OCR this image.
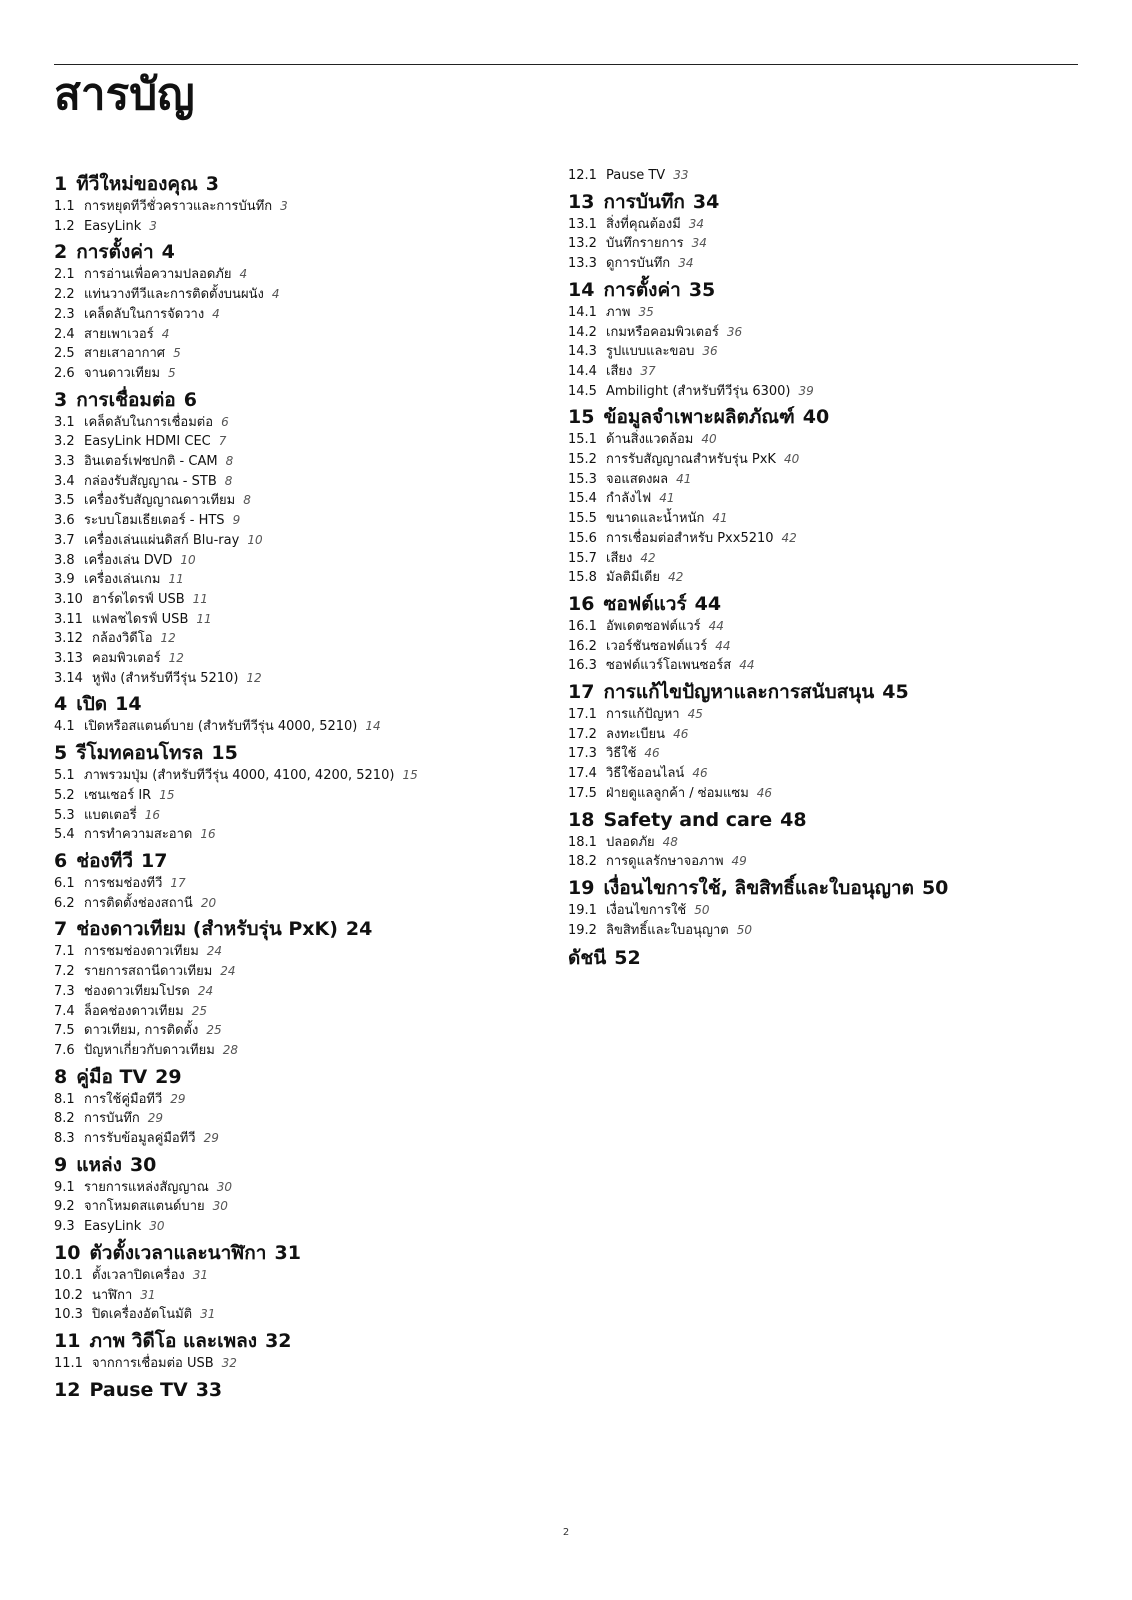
สารบัญ
1 ทีวีใหม่ของคุณ 3
1.1 การหยุดทีวีชั่วคราวและการบันทึก 3
1.2 EasyLink 3
2 การตั้งค่า 4
2.1 การอ่านเพื่อความปลอดภัย 4
2.2 แท่นวางทีวีและการติดตั้งบนผนัง 4
2.3 เคล็ดลับในการจัดวาง 4
2.4 สายเพาเวอร์ 4
2.5 สายเสาอากาศ 5
2.6 จานดาวเทียม 5
3 การเชื่อมต่อ 6
3.1 เคล็ดลับในการเชื่อมต่อ 6
3.2 EasyLink HDMI CEC 7
3.3 อินเตอร์เฟซปกติ - CAM 8
3.4 กล่องรับสัญญาณ - STB 8
3.5 เครื่องรับสัญญาณดาวเทียม 8
3.6 ระบบโฮมเธียเตอร์ - HTS 9
3.7 เครื่องเล่นแผ่นดิสก์ Blu-ray 10
3.8 เครื่องเล่น DVD 10
3.9 เครื่องเล่นเกม 11
3.10 ฮาร์ดไดรฟ์ USB 11
3.11 แฟลชไดรฟ์ USB 11
3.12 กล้องวิดีโอ 12
3.13 คอมพิวเตอร์ 12
3.14 หูฟัง (สำหรับทีวีรุ่น 5210) 12
4 เปิด 14
4.1 เปิดหรือสแตนด์บาย (สำหรับทีวีรุ่น 4000, 5210) 14
5 รีโมทคอนโทรล 15
5.1 ภาพรวมปุ่ม (สำหรับทีวีรุ่น 4000, 4100, 4200, 5210) 15
5.2 เซนเซอร์ IR 15
5.3 แบตเตอรี่ 16
5.4 การทำความสะอาด 16
6 ช่องทีวี 17
6.1 การชมช่องทีวี 17
6.2 การติดตั้งช่องสถานี 20
7 ช่องดาวเทียม (สำหรับรุ่น PxK) 24
7.1 การชมช่องดาวเทียม 24
7.2 รายการสถานีดาวเทียม 24
7.3 ช่องดาวเทียมโปรด 24
7.4 ล็อคช่องดาวเทียม 25
7.5 ดาวเทียม, การติดตั้ง 25
7.6 ปัญหาเกี่ยวกับดาวเทียม 28
8 คู่มือ TV 29
8.1 การใช้คู่มือทีวี 29
8.2 การบันทึก 29
8.3 การรับข้อมูลคู่มือทีวี 29
9 แหล่ง 30
9.1 รายการแหล่งสัญญาณ 30
9.2 จากโหมดสแตนด์บาย 30
9.3 EasyLink 30
10 ตัวตั้งเวลาและนาฬิกา 31
10.1 ตั้งเวลาปิดเครื่อง 31
10.2 นาฬิกา 31
10.3 ปิดเครื่องอัตโนมัติ 31
11 ภาพ วิดีโอ และเพลง 32
11.1 จากการเชื่อมต่อ USB 32
12 Pause TV 33
12.1 Pause TV 33
13 การบันทึก 34
13.1 สิ่งที่คุณต้องมี 34
13.2 บันทึกรายการ 34
13.3 ดูการบันทึก 34
14 การตั้งค่า 35
14.1 ภาพ 35
14.2 เกมหรือคอมพิวเตอร์ 36
14.3 รูปแบบและขอบ 36
14.4 เสียง 37
14.5 Ambilight (สำหรับทีวีรุ่น 6300) 39
15 ข้อมูลจำเพาะผลิตภัณฑ์ 40
15.1 ด้านสิ่งแวดล้อม 40
15.2 การรับสัญญาณสำหรับรุ่น PxK 40
15.3 จอแสดงผล 41
15.4 กำลังไฟ 41
15.5 ขนาดและน้ำหนัก 41
15.6 การเชื่อมต่อสำหรับ Pxx5210 42
15.7 เสียง 42
15.8 มัลติมีเดีย 42
16 ซอฟต์แวร์ 44
16.1 อัพเดตซอฟต์แวร์ 44
16.2 เวอร์ชันซอฟต์แวร์ 44
16.3 ซอฟต์แวร์โอเพนซอร์ส 44
17 การแก้ไขปัญหาและการสนับสนุน 45
17.1 การแก้ปัญหา 45
17.2 ลงทะเบียน 46
17.3 วิธีใช้ 46
17.4 วิธีใช้ออนไลน์ 46
17.5 ฝ่ายดูแลลูกค้า / ซ่อมแซม 46
18 Safety and care 48
18.1 ปลอดภัย 48
18.2 การดูแลรักษาจอภาพ 49
19 เงื่อนไขการใช้, ลิขสิทธิ์และใบอนุญาต 50
19.1 เงื่อนไขการใช้ 50
19.2 ลิขสิทธิ์และใบอนุญาต 50
ดัชนี 52
2
